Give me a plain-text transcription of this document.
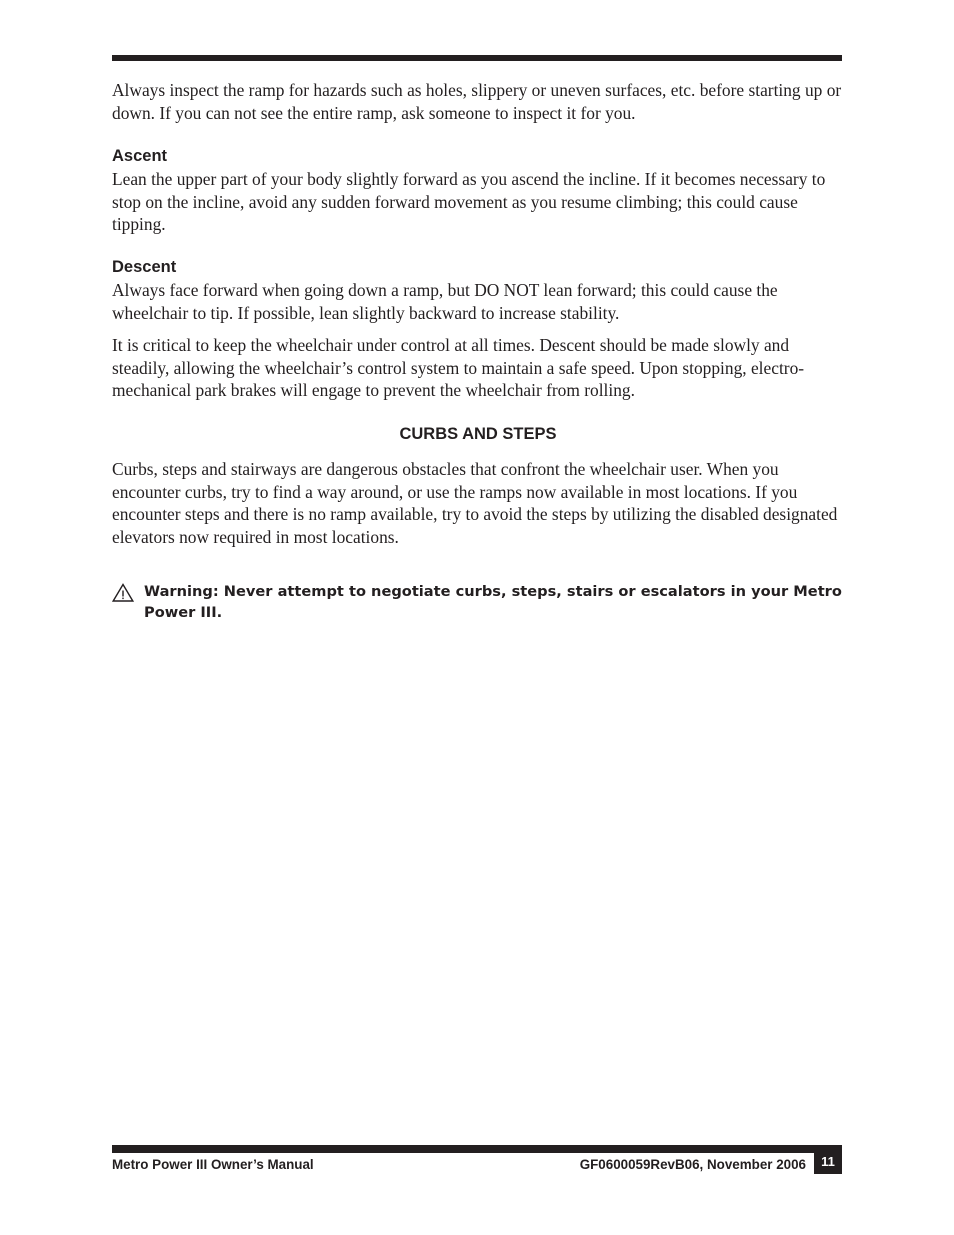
Always inspect the ramp for hazards such as holes, slippery or uneven surfaces, etc. before starting up or down. If you can not see the entire ramp, ask someone to inspect it for you.

Ascent

Lean the upper part of your body slightly forward as you ascend the incline. If it becomes necessary to stop on the incline, avoid any sudden forward movement as you resume climbing; this could cause tipping.

Descent

Always face forward when going down a ramp, but DO NOT lean forward; this could cause the wheelchair to tip. If possible, lean slightly backward to increase stability.

It is critical to keep the wheelchair under control at all times. Descent should be made slowly and steadily, allowing the wheelchair’s control system to maintain a safe speed. Upon stopping, electro-mechanical park brakes will engage to prevent the wheelchair from rolling.

CURBS AND STEPS

Curbs, steps and stairways are dangerous obstacles that confront the wheelchair user. When you encounter curbs, try to find a way around, or use the ramps now available in most locations. If you encounter steps and there is no ramp available, try to avoid the steps by utilizing the disabled designated elevators now required in most locations.

Warning: Never attempt to negotiate curbs, steps, stairs or escalators in your Metro Power III.
Metro Power III Owner’s Manual	GF0600059RevB06, November 2006	11
